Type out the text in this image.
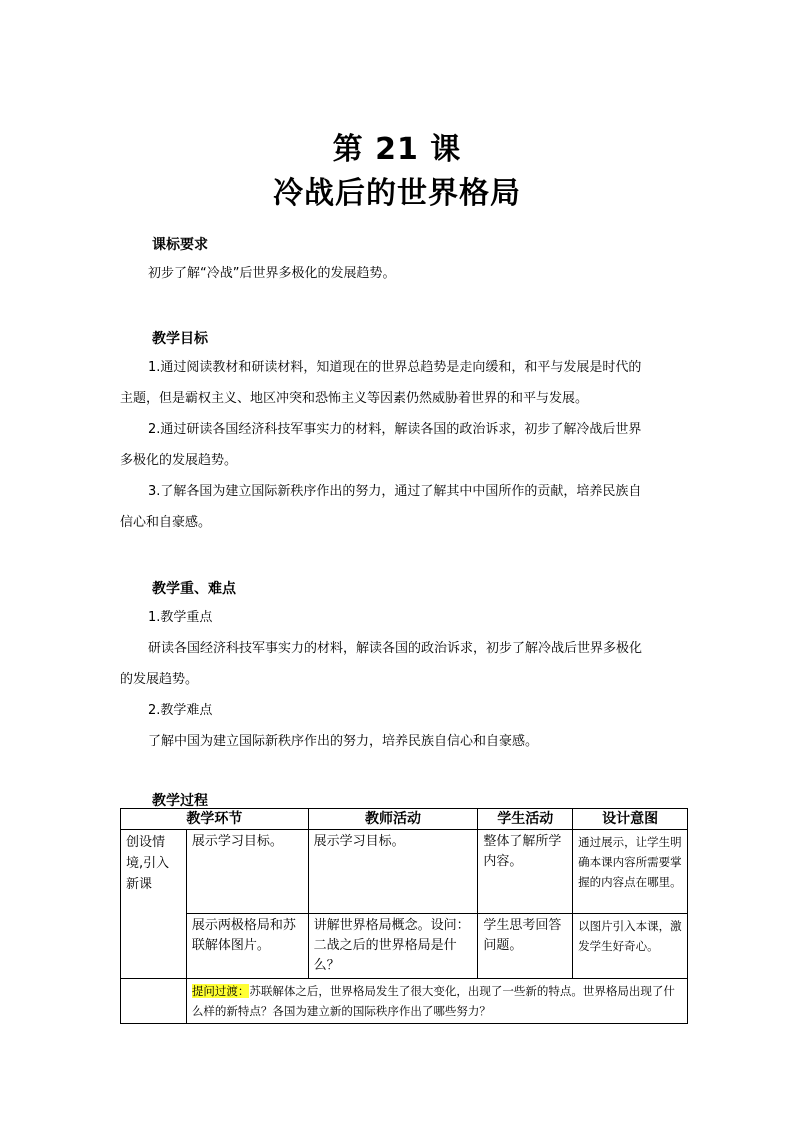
第 21 课
冷战后的世界格局
课标要求
初步了解“冷战”后世界多极化的发展趋势。
教学目标
1.通过阅读教材和研读材料，知道现在的世界总趋势是走向缓和，和平与发展是时代的
主题，但是霸权主义、地区冲突和恐怖主义等因素仍然威胁着世界的和平与发展。
2.通过研读各国经济科技军事实力的材料，解读各国的政治诉求，初步了解冷战后世界
多极化的发展趋势。
3.了解各国为建立国际新秩序作出的努力，通过了解其中中国所作的贡献，培养民族自
信心和自豪感。
教学重、难点
1.教学重点
研读各国经济科技军事实力的材料，解读各国的政治诉求，初步了解冷战后世界多极化
的发展趋势。
2.教学难点
了解中国为建立国际新秩序作出的努力，培养民族自信心和自豪感。
教学过程
教学环节		教师活动	学生活动	设计意图
创设情境,引入新课	展示学习目标。	展示学习目标。	整体了解所学内容。	通过展示，让学生明确本课内容所需要掌握的内容点在哪里。
	展示两极格局和苏联解体图片。	讲解世界格局概念。设问：二战之后的世界格局是什么？	学生思考回答问题。	以图片引入本课，激发学生好奇心。
	提问过渡：苏联解体之后，世界格局发生了很大变化，出现了一些新的特点。世界格局出现了什么样的新特点？各国为建立新的国际秩序作出了哪些努力？			
